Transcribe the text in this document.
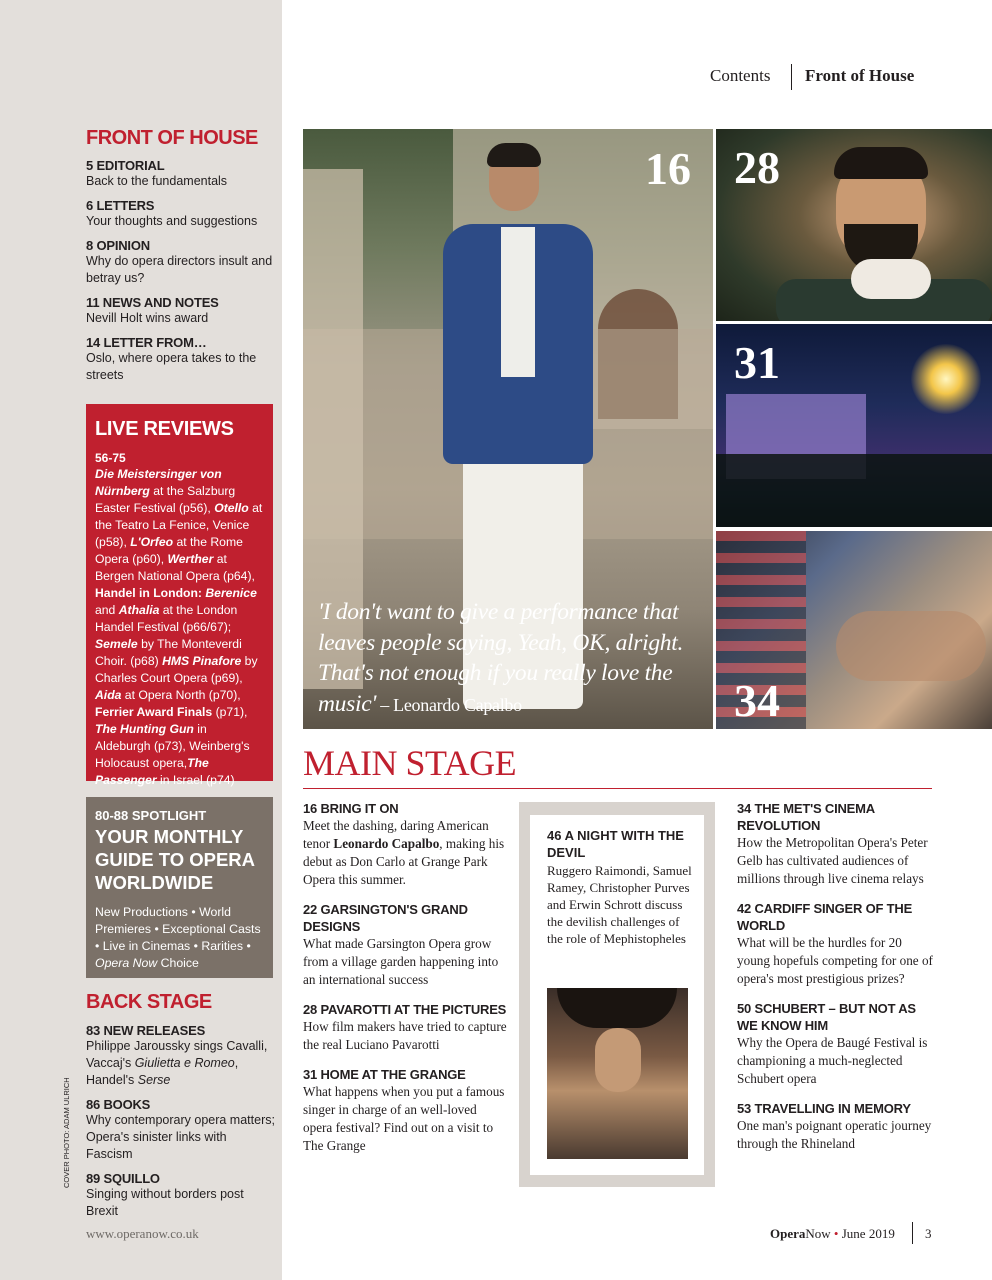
Contents Front of House
FRONT OF HOUSE
5 EDITORIAL
Back to the fundamentals
6 LETTERS
Your thoughts and suggestions
8 OPINION
Why do opera directors insult and betray us?
11 NEWS AND NOTES
Nevill Holt wins award
14 LETTER FROM…
Oslo, where opera takes to the streets
LIVE REVIEWS
56-75
Die Meistersinger von Nürnberg at the Salzburg Easter Festival (p56), Otello at the Teatro La Fenice, Venice (p58), L'Orfeo at the Rome Opera (p60), Werther at Bergen National Opera (p64), Handel in London: Berenice and Athalia at the London Handel Festival (p66/67); Semele by The Monteverdi Choir. (p68) HMS Pinafore by Charles Court Opera (p69), Aida at Opera North (p70), Ferrier Award Finals (p71), The Hunting Gun in Aldeburgh (p73), Weinberg's Holocaust opera,The Passenger in Israel (p74)
80-88 SPOTLIGHT
YOUR MONTHLY GUIDE TO OPERA WORLDWIDE
New Productions • World Premieres • Exceptional Casts • Live in Cinemas • Rarities • Opera Now Choice
BACK STAGE
83 NEW RELEASES
Philippe Jaroussky sings Cavalli, Vaccaj's Giulietta e Romeo, Handel's Serse
86 BOOKS
Why contemporary opera matters; Opera's sinister links with Fascism
89 SQUILLO
Singing without borders post Brexit
COVER PHOTO: ADAM ULRICH
16
'I don't want to give a performance that leaves people saying, Yeah, OK, alright. That's not enough if you really love the music' – Leonardo Capalbo
28
31
34
MAIN STAGE
16 BRING IT ON
Meet the dashing, daring American tenor Leonardo Capalbo, making his debut as Don Carlo at Grange Park Opera this summer.
22 GARSINGTON'S GRAND DESIGNS
What made Garsington Opera grow from a village garden happening into an international success
28 PAVAROTTI AT THE PICTURES
How film makers have tried to capture the real Luciano Pavarotti
31 HOME AT THE GRANGE
What happens when you put a famous singer in charge of an well-loved opera festival? Find out on a visit to The Grange
46 A NIGHT WITH THE DEVIL
Ruggero Raimondi, Samuel Ramey, Christopher Purves and Erwin Schrott discuss the devilish challenges of the role of Mephistopheles
34 THE MET'S CINEMA REVOLUTION
How the Metropolitan Opera's Peter Gelb has cultivated audiences of millions through live cinema relays
42 CARDIFF SINGER OF THE WORLD
What will be the hurdles for 20 young hopefuls competing for one of opera's most prestigious prizes?
50 SCHUBERT – BUT NOT AS WE KNOW HIM
Why the Opera de Baugé Festival is championing a much-neglected Schubert opera
53 TRAVELLING IN MEMORY
One man's poignant operatic journey through the Rhineland
www.operanow.co.uk	OperaNow • June 2019 3
